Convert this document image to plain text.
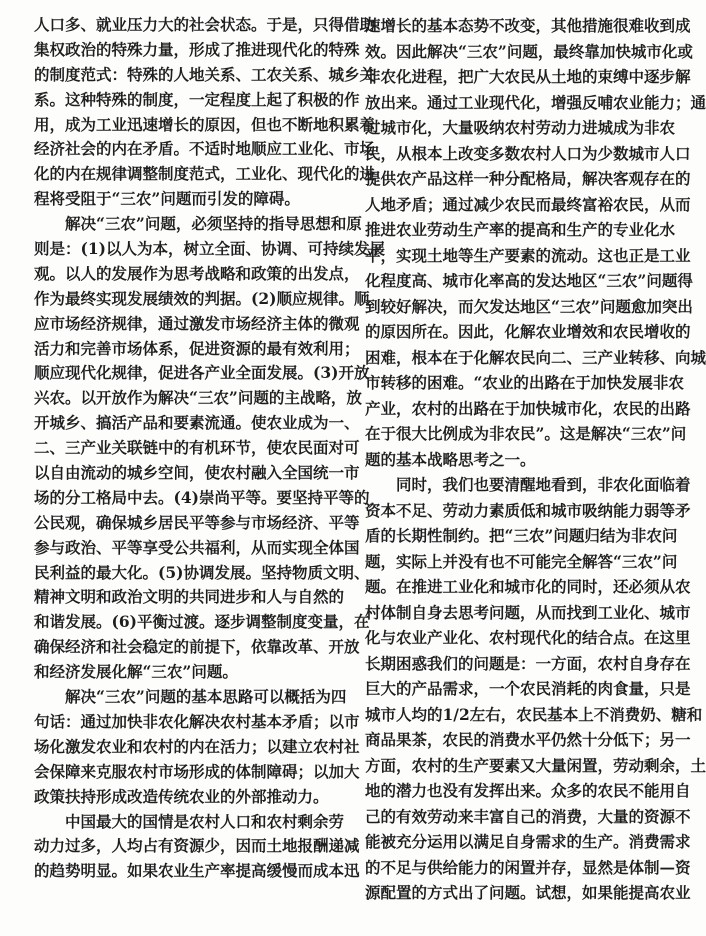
人口多、就业压力大的社会状态。于是，只得借助
集权政治的特殊力量，形成了推进现代化的特殊
的制度范式：特殊的人地关系、工农关系、城乡关
系。这种特殊的制度，一定程度上起了积极的作
用，成为工业迅速增长的原因，但也不断地积累着
经济社会的内在矛盾。不适时地顺应工业化、市场
化的内在规律调整制度范式，工业化、现代化的进
程将受阻于“三农”问题而引发的障碍。
解决“三农”问题，必须坚持的指导思想和原
则是：(1)以人为本，树立全面、协调、可持续发展
观。以人的发展作为思考战略和政策的出发点，
作为最终实现发展绩效的判据。(2)顺应规律。顺
应市场经济规律，通过激发市场经济主体的微观
活力和完善市场体系，促进资源的最有效利用；
顺应现代化规律，促进各产业全面发展。(3)开放
兴农。以开放作为解决“三农”问题的主战略，放
开城乡、搞活产品和要素流通。使农业成为一、
二、三产业关联链中的有机环节，使农民面对可
以自由流动的城乡空间，使农村融入全国统一市
场的分工格局中去。(4)崇尚平等。要坚持平等的
公民观，确保城乡居民平等参与市场经济、平等
参与政治、平等享受公共福利，从而实现全体国
民利益的最大化。(5)协调发展。坚持物质文明、
精神文明和政治文明的共同进步和人与自然的
和谐发展。(6)平衡过渡。逐步调整制度变量，在
确保经济和社会稳定的前提下，依靠改革、开放
和经济发展化解“三农”问题。
解决“三农”问题的基本思路可以概括为四
句话：通过加快非农化解决农村基本矛盾；以市
场化激发农业和农村的内在活力；以建立农村社
会保障来克服农村市场形成的体制障碍；以加大
政策扶持形成改造传统农业的外部推动力。
中国最大的国情是农村人口和农村剩余劳
动力过多，人均占有资源少，因而土地报酬递减
的趋势明显。如果农业生产率提高缓慢而成本迅
速增长的基本态势不改变，其他措施很难收到成
效。因此解决“三农”问题，最终靠加快城市化或
非农化进程，把广大农民从土地的束缚中逐步解
放出来。通过工业现代化，增强反哺农业能力；通
过城市化，大量吸纳农村劳动力进城成为非农
民，从根本上改变多数农村人口为少数城市人口
提供农产品这样一种分配格局，解决客观存在的
人地矛盾；通过减少农民而最终富裕农民，从而
推进农业劳动生产率的提高和生产的专业化水
平，实现土地等生产要素的流动。这也正是工业
化程度高、城市化率高的发达地区“三农”问题得
到较好解决，而欠发达地区“三农”问题愈加突出
的原因所在。因此，化解农业增效和农民增收的
困难，根本在于化解农民向二、三产业转移、向城
市转移的困难。“农业的出路在于加快发展非农
产业，农村的出路在于加快城市化，农民的出路
在于很大比例成为非农民”。这是解决“三农”问
题的基本战略思考之一。
同时，我们也要清醒地看到，非农化面临着
资本不足、劳动力素质低和城市吸纳能力弱等矛
盾的长期性制约。把“三农”问题归结为非农问
题，实际上并没有也不可能完全解答“三农”问
题。在推进工业化和城市化的同时，还必须从农
村体制自身去思考问题，从而找到工业化、城市
化与农业产业化、农村现代化的结合点。在这里
长期困惑我们的问题是：一方面，农村自身存在
巨大的产品需求，一个农民消耗的肉食量，只是
城市人均的1/2左右，农民基本上不消费奶、糖和
商品果茶，农民的消费水平仍然十分低下；另一
方面，农村的生产要素又大量闲置，劳动剩余，土
地的潜力也没有发挥出来。众多的农民不能用自
己的有效劳动来丰富自己的消费，大量的资源不
能被充分运用以满足自身需求的生产。消费需求
的不足与供给能力的闲置并存，显然是体制—资
源配置的方式出了问题。试想，如果能提高农业
